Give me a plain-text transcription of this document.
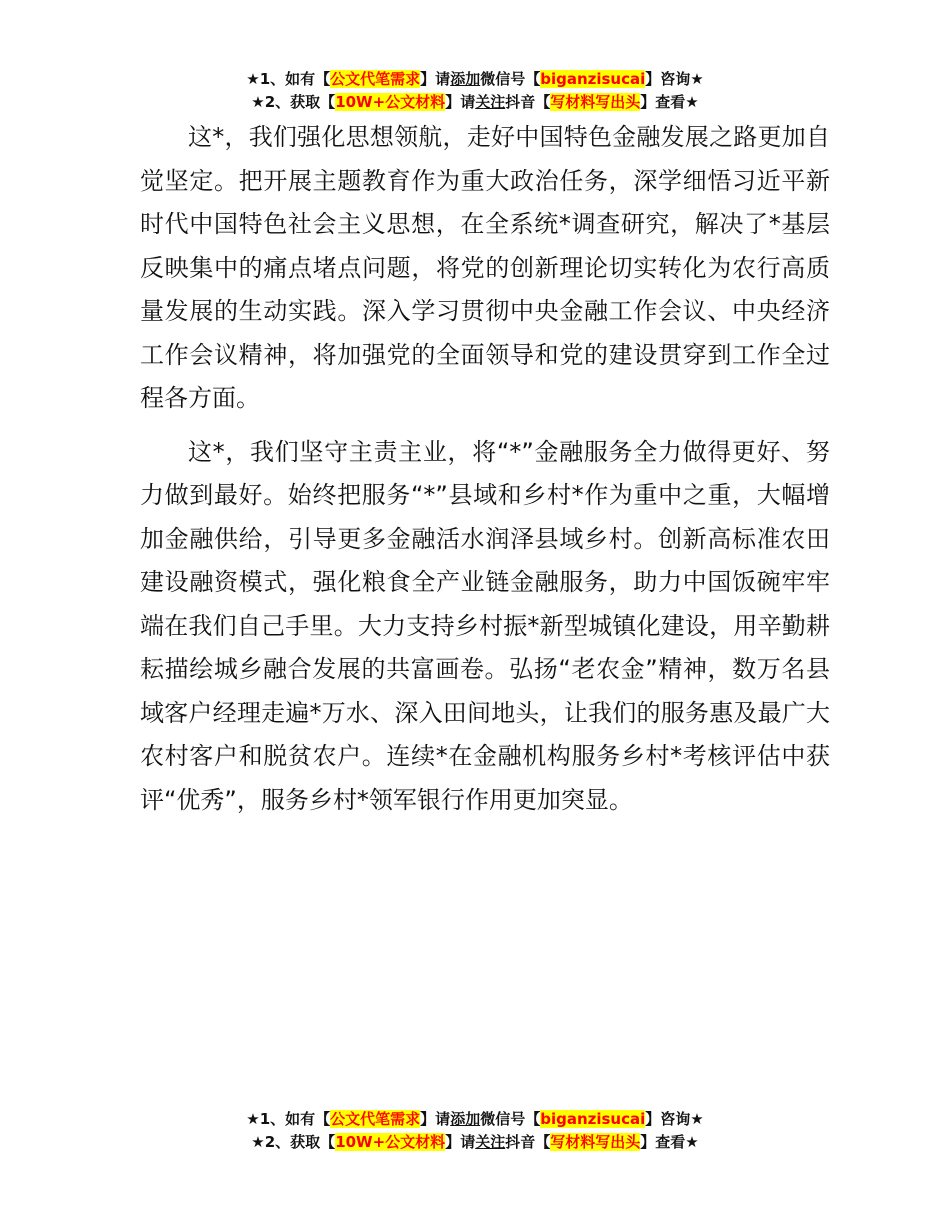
★1、如有【公文代笔需求】请添加微信号【biganzisucai】咨询★
★2、获取【10W+公文材料】请关注抖音【写材料写出头】查看★

这*，我们强化思想领航，走好中国特色金融发展之路更加自觉坚定。把开展主题教育作为重大政治任务，深学细悟习近平新时代中国特色社会主义思想，在全系统*调查研究，解决了*基层反映集中的痛点堵点问题，将党的创新理论切实转化为农行高质量发展的生动实践。深入学习贯彻中央金融工作会议、中央经济工作会议精神，将加强党的全面领导和党的建设贯穿到工作全过程各方面。

这*，我们坚守主责主业，将“*”金融服务全力做得更好、努力做到最好。始终把服务“*”县域和乡村*作为重中之重，大幅增加金融供给，引导更多金融活水润泽县域乡村。创新高标准农田建设融资模式，强化粮食全产业链金融服务，助力中国饭碗牢牢端在我们自己手里。大力支持乡村振*新型城镇化建设，用辛勤耕耘描绘城乡融合发展的共富画卷。弘扬“老农金”精神，数万名县域客户经理走遍*万水、深入田间地头，让我们的服务惠及最广大农村客户和脱贫农户。连续*在金融机构服务乡村*考核评估中获评“优秀”，服务乡村*领军银行作用更加突显。

★1、如有【公文代笔需求】请添加微信号【biganzisucai】咨询★
★2、获取【10W+公文材料】请关注抖音【写材料写出头】查看★
